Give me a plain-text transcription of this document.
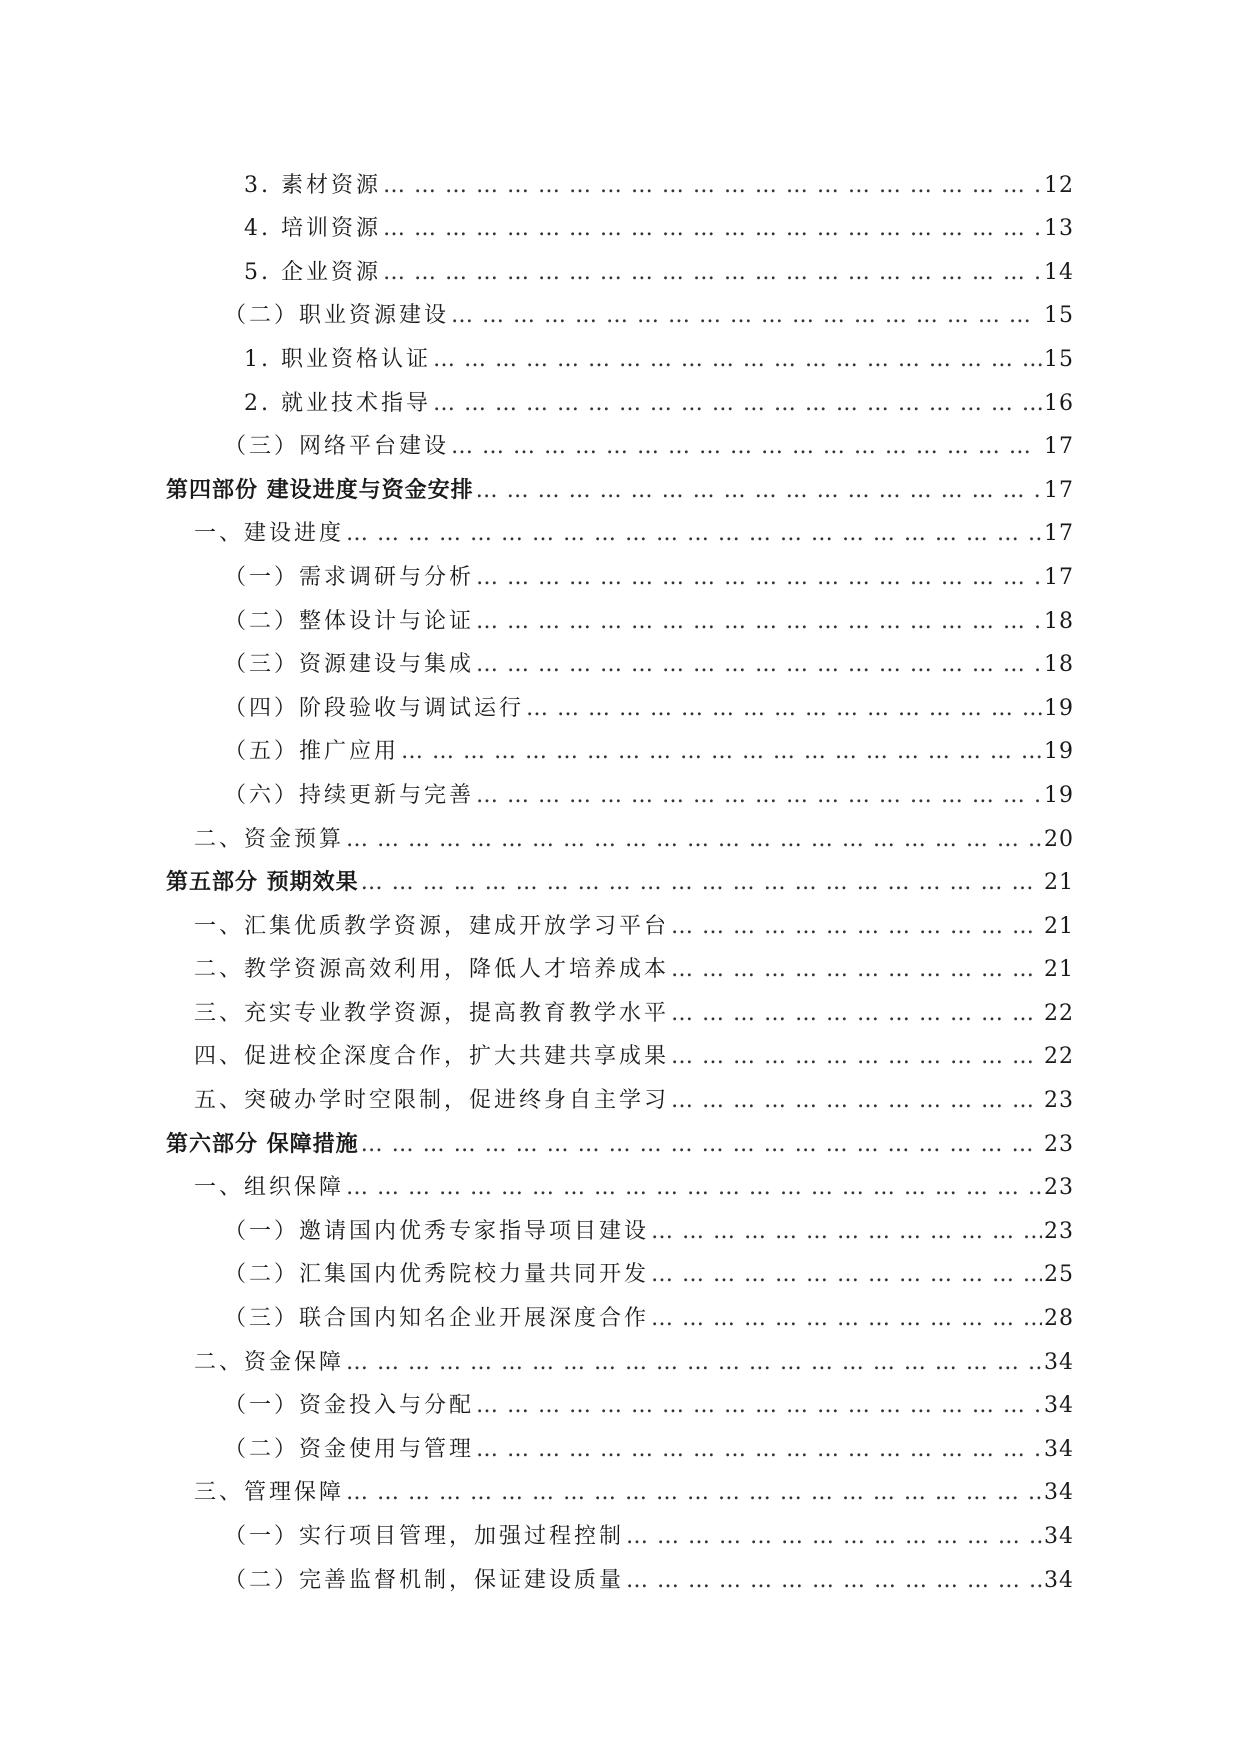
3. 素材资源 … … … … … … … … … … … … … … … … … … … … … … … … … … … … … … … … … … … … … … … … … … … … … … … … … … … … … … …	12
4. 培训资源 … … … … … … … … … … … … … … … … … … … … … … … … … … … … … … … … … … … … … … … … … … … … … … … … … … … … … … …	13
5. 企业资源 … … … … … … … … … … … … … … … … … … … … … … … … … … … … … … … … … … … … … … … … … … … … … … … … … … … … … … …	14
（二）职业资源建设 … … … … … … … … … … … … … … … … … … … … … … … … … … … … … … … … … … … … … … … … … … … … … … … … … … … … … … …	15
1. 职业资格认证 … … … … … … … … … … … … … … … … … … … … … … … … … … … … … … … … … … … … … … … … … … … … … … … … … … … … … … …	15
2. 就业技术指导 … … … … … … … … … … … … … … … … … … … … … … … … … … … … … … … … … … … … … … … … … … … … … … … … … … … … … … …	16
（三）网络平台建设 … … … … … … … … … … … … … … … … … … … … … … … … … … … … … … … … … … … … … … … … … … … … … … … … … … … … … … …	17
第四部份 建设进度与资金安排 … … … … … … … … … … … … … … … … … … … … … … … … … … … … … … … … … … … … … … … … … … … … … … … … … … … … … … …	17
一、建设进度 … … … … … … … … … … … … … … … … … … … … … … … … … … … … … … … … … … … … … … … … … … … … … … … … … … … … … … …	17
（一）需求调研与分析 … … … … … … … … … … … … … … … … … … … … … … … … … … … … … … … … … … … … … … … … … … … … … … … … … … … … … … …	17
（二）整体设计与论证 … … … … … … … … … … … … … … … … … … … … … … … … … … … … … … … … … … … … … … … … … … … … … … … … … … … … … … …	18
（三）资源建设与集成 … … … … … … … … … … … … … … … … … … … … … … … … … … … … … … … … … … … … … … … … … … … … … … … … … … … … … … …	18
（四）阶段验收与调试运行 … … … … … … … … … … … … … … … … … … … … … … … … … … … … … … … … … … … … … … … … … … … … … … … … … … … … … … …	19
（五）推广应用 … … … … … … … … … … … … … … … … … … … … … … … … … … … … … … … … … … … … … … … … … … … … … … … … … … … … … … …	19
（六）持续更新与完善 … … … … … … … … … … … … … … … … … … … … … … … … … … … … … … … … … … … … … … … … … … … … … … … … … … … … … … …	19
二、资金预算 … … … … … … … … … … … … … … … … … … … … … … … … … … … … … … … … … … … … … … … … … … … … … … … … … … … … … … …	20
第五部分 预期效果 … … … … … … … … … … … … … … … … … … … … … … … … … … … … … … … … … … … … … … … … … … … … … … … … … … … … … … …	21
一、汇集优质教学资源，建成开放学习平台 … … … … … … … … … … … … … … … … … … … … … … … … … … … … … … … … … … … … … … … … … … … … … … … … … … … … … … …	21
二、教学资源高效利用，降低人才培养成本 … … … … … … … … … … … … … … … … … … … … … … … … … … … … … … … … … … … … … … … … … … … … … … … … … … … … … … …	21
三、充实专业教学资源，提高教育教学水平 … … … … … … … … … … … … … … … … … … … … … … … … … … … … … … … … … … … … … … … … … … … … … … … … … … … … … … …	22
四、促进校企深度合作，扩大共建共享成果 … … … … … … … … … … … … … … … … … … … … … … … … … … … … … … … … … … … … … … … … … … … … … … … … … … … … … … …	22
五、突破办学时空限制，促进终身自主学习 … … … … … … … … … … … … … … … … … … … … … … … … … … … … … … … … … … … … … … … … … … … … … … … … … … … … … … …	23
第六部分 保障措施 … … … … … … … … … … … … … … … … … … … … … … … … … … … … … … … … … … … … … … … … … … … … … … … … … … … … … … …	23
一、组织保障 … … … … … … … … … … … … … … … … … … … … … … … … … … … … … … … … … … … … … … … … … … … … … … … … … … … … … … …	23
（一）邀请国内优秀专家指导项目建设 … … … … … … … … … … … … … … … … … … … … … … … … … … … … … … … … … … … … … … … … … … … … … … … … … … … … … … …	23
（二）汇集国内优秀院校力量共同开发 … … … … … … … … … … … … … … … … … … … … … … … … … … … … … … … … … … … … … … … … … … … … … … … … … … … … … … …	25
（三）联合国内知名企业开展深度合作 … … … … … … … … … … … … … … … … … … … … … … … … … … … … … … … … … … … … … … … … … … … … … … … … … … … … … … …	28
二、资金保障 … … … … … … … … … … … … … … … … … … … … … … … … … … … … … … … … … … … … … … … … … … … … … … … … … … … … … … …	34
（一）资金投入与分配 … … … … … … … … … … … … … … … … … … … … … … … … … … … … … … … … … … … … … … … … … … … … … … … … … … … … … … …	34
（二）资金使用与管理 … … … … … … … … … … … … … … … … … … … … … … … … … … … … … … … … … … … … … … … … … … … … … … … … … … … … … … …	34
三、管理保障 … … … … … … … … … … … … … … … … … … … … … … … … … … … … … … … … … … … … … … … … … … … … … … … … … … … … … … …	34
（一）实行项目管理，加强过程控制 … … … … … … … … … … … … … … … … … … … … … … … … … … … … … … … … … … … … … … … … … … … … … … … … … … … … … … …	34
（二）完善监督机制，保证建设质量 … … … … … … … … … … … … … … … … … … … … … … … … … … … … … … … … … … … … … … … … … … … … … … … … … … … … … … …	34
